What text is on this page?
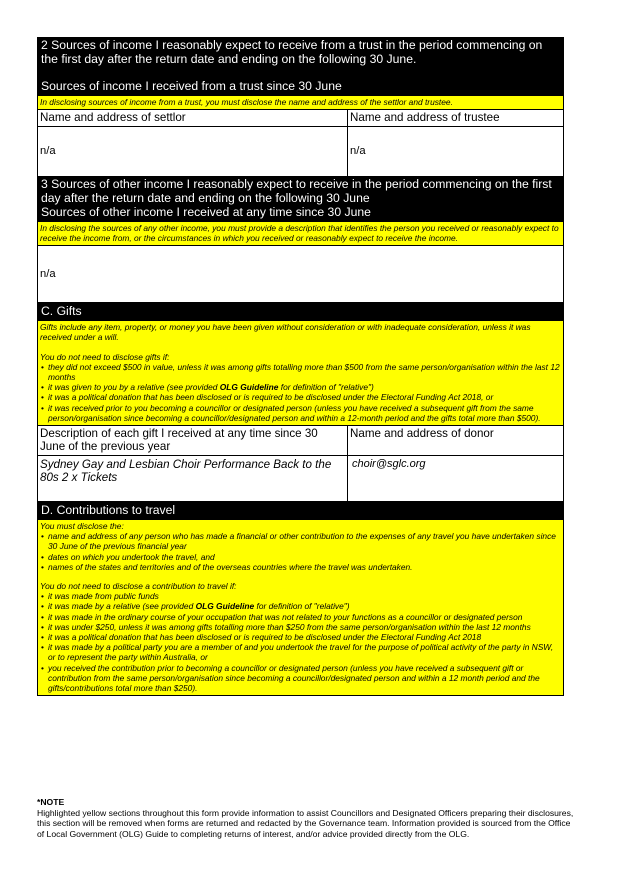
2 Sources of income I reasonably expect to receive from a trust in the period commencing on the first day after the return date and ending on the following 30 June.
Sources of income I received from a trust since 30 June

In disclosing sources of income from a trust, you must disclose the name and address of the settlor and trustee.

Name and address of settlor	Name and address of trustee
n/a	n/a
3 Sources of other income I reasonably expect to receive in the period commencing on the first day after the return date and ending on the following 30 June
Sources of other income I received at any time since 30 June

In disclosing the sources of any other income, you must provide a description that identifies the person you received or reasonably expect to receive the income from, or the circumstances in which you received or reasonably expect to receive the income.

n/a
C. Gifts

Gifts include any item, property, or money you have been given without consideration or with inadequate consideration, unless it was received under a will.

You do not need to disclose gifts if:

• they did not exceed $500 in value, unless it was among gifts totalling more than $500 from the same person/organisation within the last 12 months
• it was given to you by a relative (see provided OLG Guideline for definition of "relative")
• it was a political donation that has been disclosed or is required to be disclosed under the Electoral Funding Act 2018, or
• it was received prior to you becoming a councillor or designated person (unless you have received a subsequent gift from the same person/organisation since becoming a councillor/designated person and within a 12-month period and the gifts total more than $500).
Description of each gift I received at any time since 30 June of the previous year
Name and address of donor
Sydney Gay and Lesbian Choir Performance Back to the 80s 2 x Tickets
choir@sglc.org
D. Contributions to travel

You must disclose the:

• name and address of any person who has made a financial or other contribution to the expenses of any travel you have undertaken since 30 June of the previous financial year
• dates on which you undertook the travel, and
• names of the states and territories and of the overseas countries where the travel was undertaken.

You do not need to disclose a contribution to travel if:

• it was made from public funds
• it was made by a relative (see provided OLG Guideline for definition of "relative")
• it was made in the ordinary course of your occupation that was not related to your functions as a councillor or designated person
• it was under $250, unless it was among gifts totalling more than $250 from the same person/organisation within the last 12 months
• it was a political donation that has been disclosed or is required to be disclosed under the Electoral Funding Act 2018
• it was made by a political party you are a member of and you undertook the travel for the purpose of political activity of the party in NSW, or to represent the party within Australia, or
• you received the contribution prior to becoming a councillor or designated person (unless you have received a subsequent gift or contribution from the same person/organisation since becoming a councillor/designated person and within a 12 month period and the gifts/contributions total more than $250).
*NOTE
Highlighted yellow sections throughout this form provide information to assist Councillors and Designated Officers preparing their disclosures, this section will be removed when forms are returned and redacted by the Governance team. Information provided is sourced from the Office of Local Government (OLG) Guide to completing returns of interest, and/or advice provided directly from the OLG.
